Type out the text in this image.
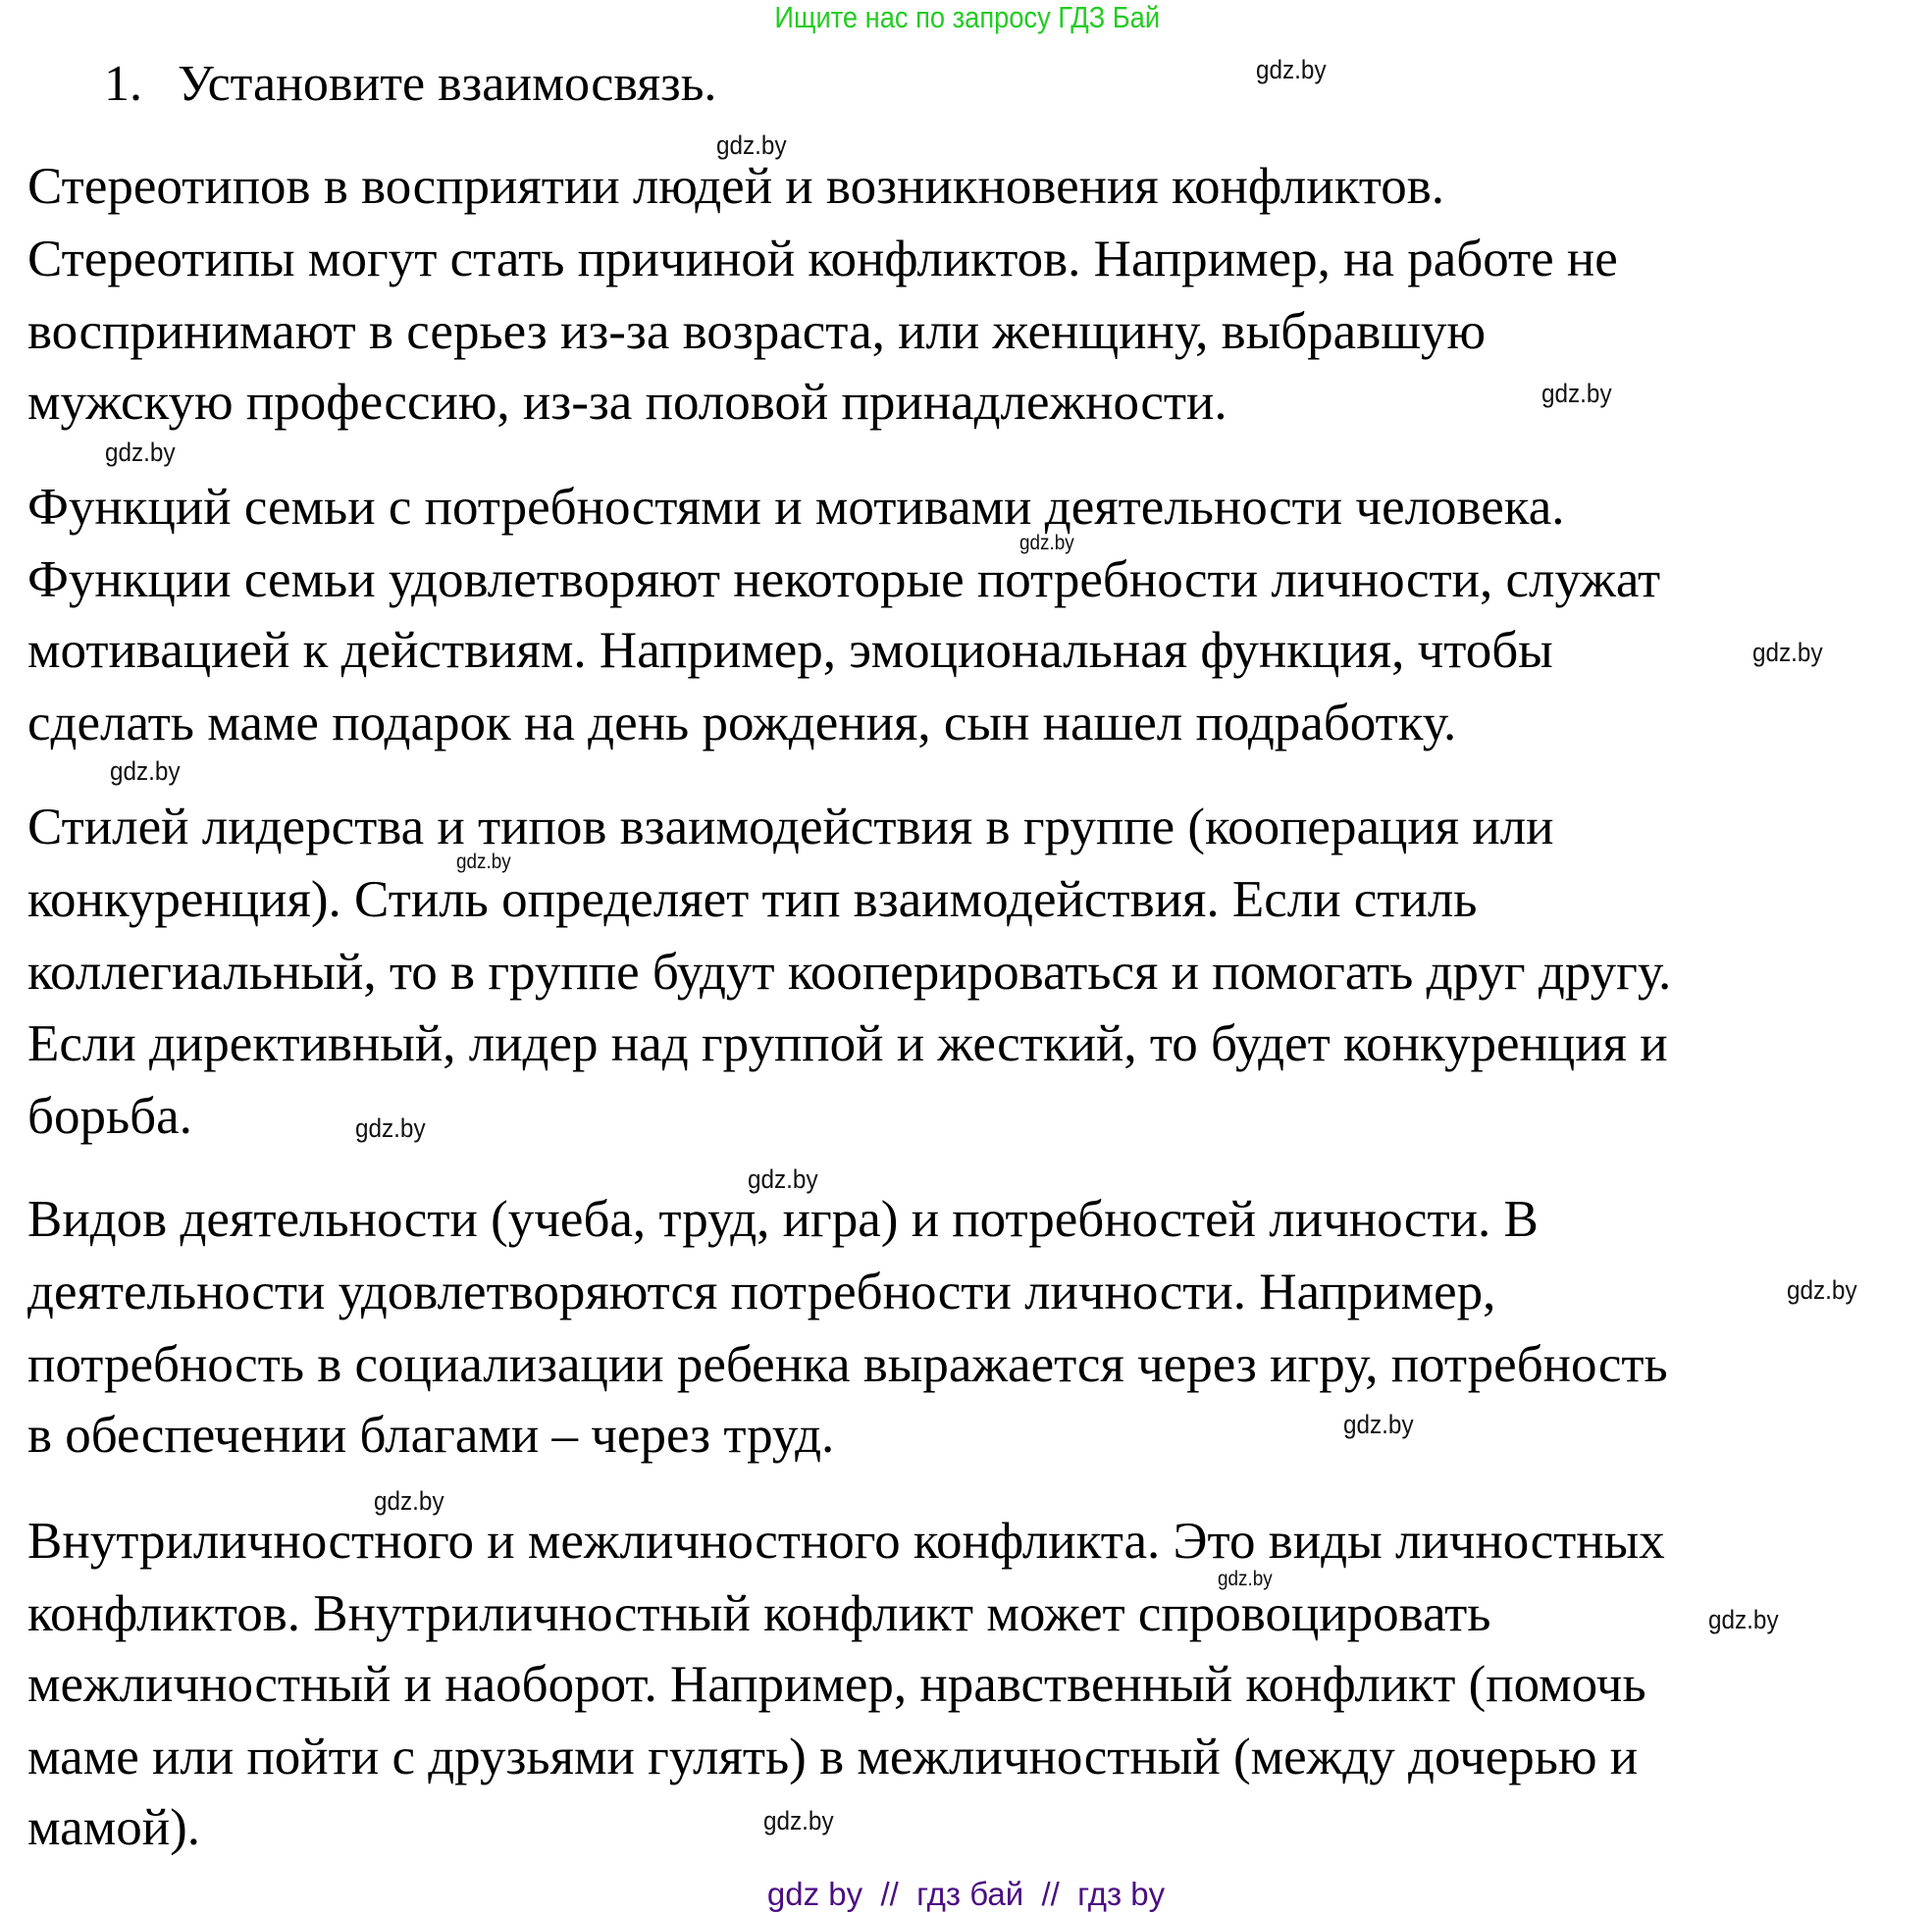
Ищите нас по запросу ГДЗ Бай
1. Установите взаимосвязь.
Стереотипов в восприятии людей и возникновения конфликтов.
Стереотипы могут стать причиной конфликтов. Например, на работе не
воспринимают в серьез из-за возраста, или женщину, выбравшую
мужскую профессию, из-за половой принадлежности.
Функций семьи с потребностями и мотивами деятельности человека.
Функции семьи удовлетворяют некоторые потребности личности, служат
мотивацией к действиям. Например, эмоциональная функция, чтобы
сделать маме подарок на день рождения, сын нашел подработку.
Стилей лидерства и типов взаимодействия в группе (кооперация или
конкуренция). Стиль определяет тип взаимодействия. Если стиль
коллегиальный, то в группе будут кооперироваться и помогать друг другу.
Если директивный, лидер над группой и жесткий, то будет конкуренция и
борьба.
Видов деятельности (учеба, труд, игра) и потребностей личности. В
деятельности удовлетворяются потребности личности. Например,
потребность в социализации ребенка выражается через игру, потребность
в обеспечении благами – через труд.
Внутриличностного и межличностного конфликта. Это виды личностных
конфликтов. Внутриличностный конфликт может спровоцировать
межличностный и наоборот. Например, нравственный конфликт (помочь
маме или пойти с друзьями гулять) в межличностный (между дочерью и
мамой).
gdz.by
gdz.by
gdz.by
gdz.by
gdz.by
gdz.by
gdz.by
gdz.by
gdz.by
gdz.by
gdz.by
gdz.by
gdz.by
gdz.by
gdz.by
gdz.by
gdz by  //  гдз бай  //  гдз by
